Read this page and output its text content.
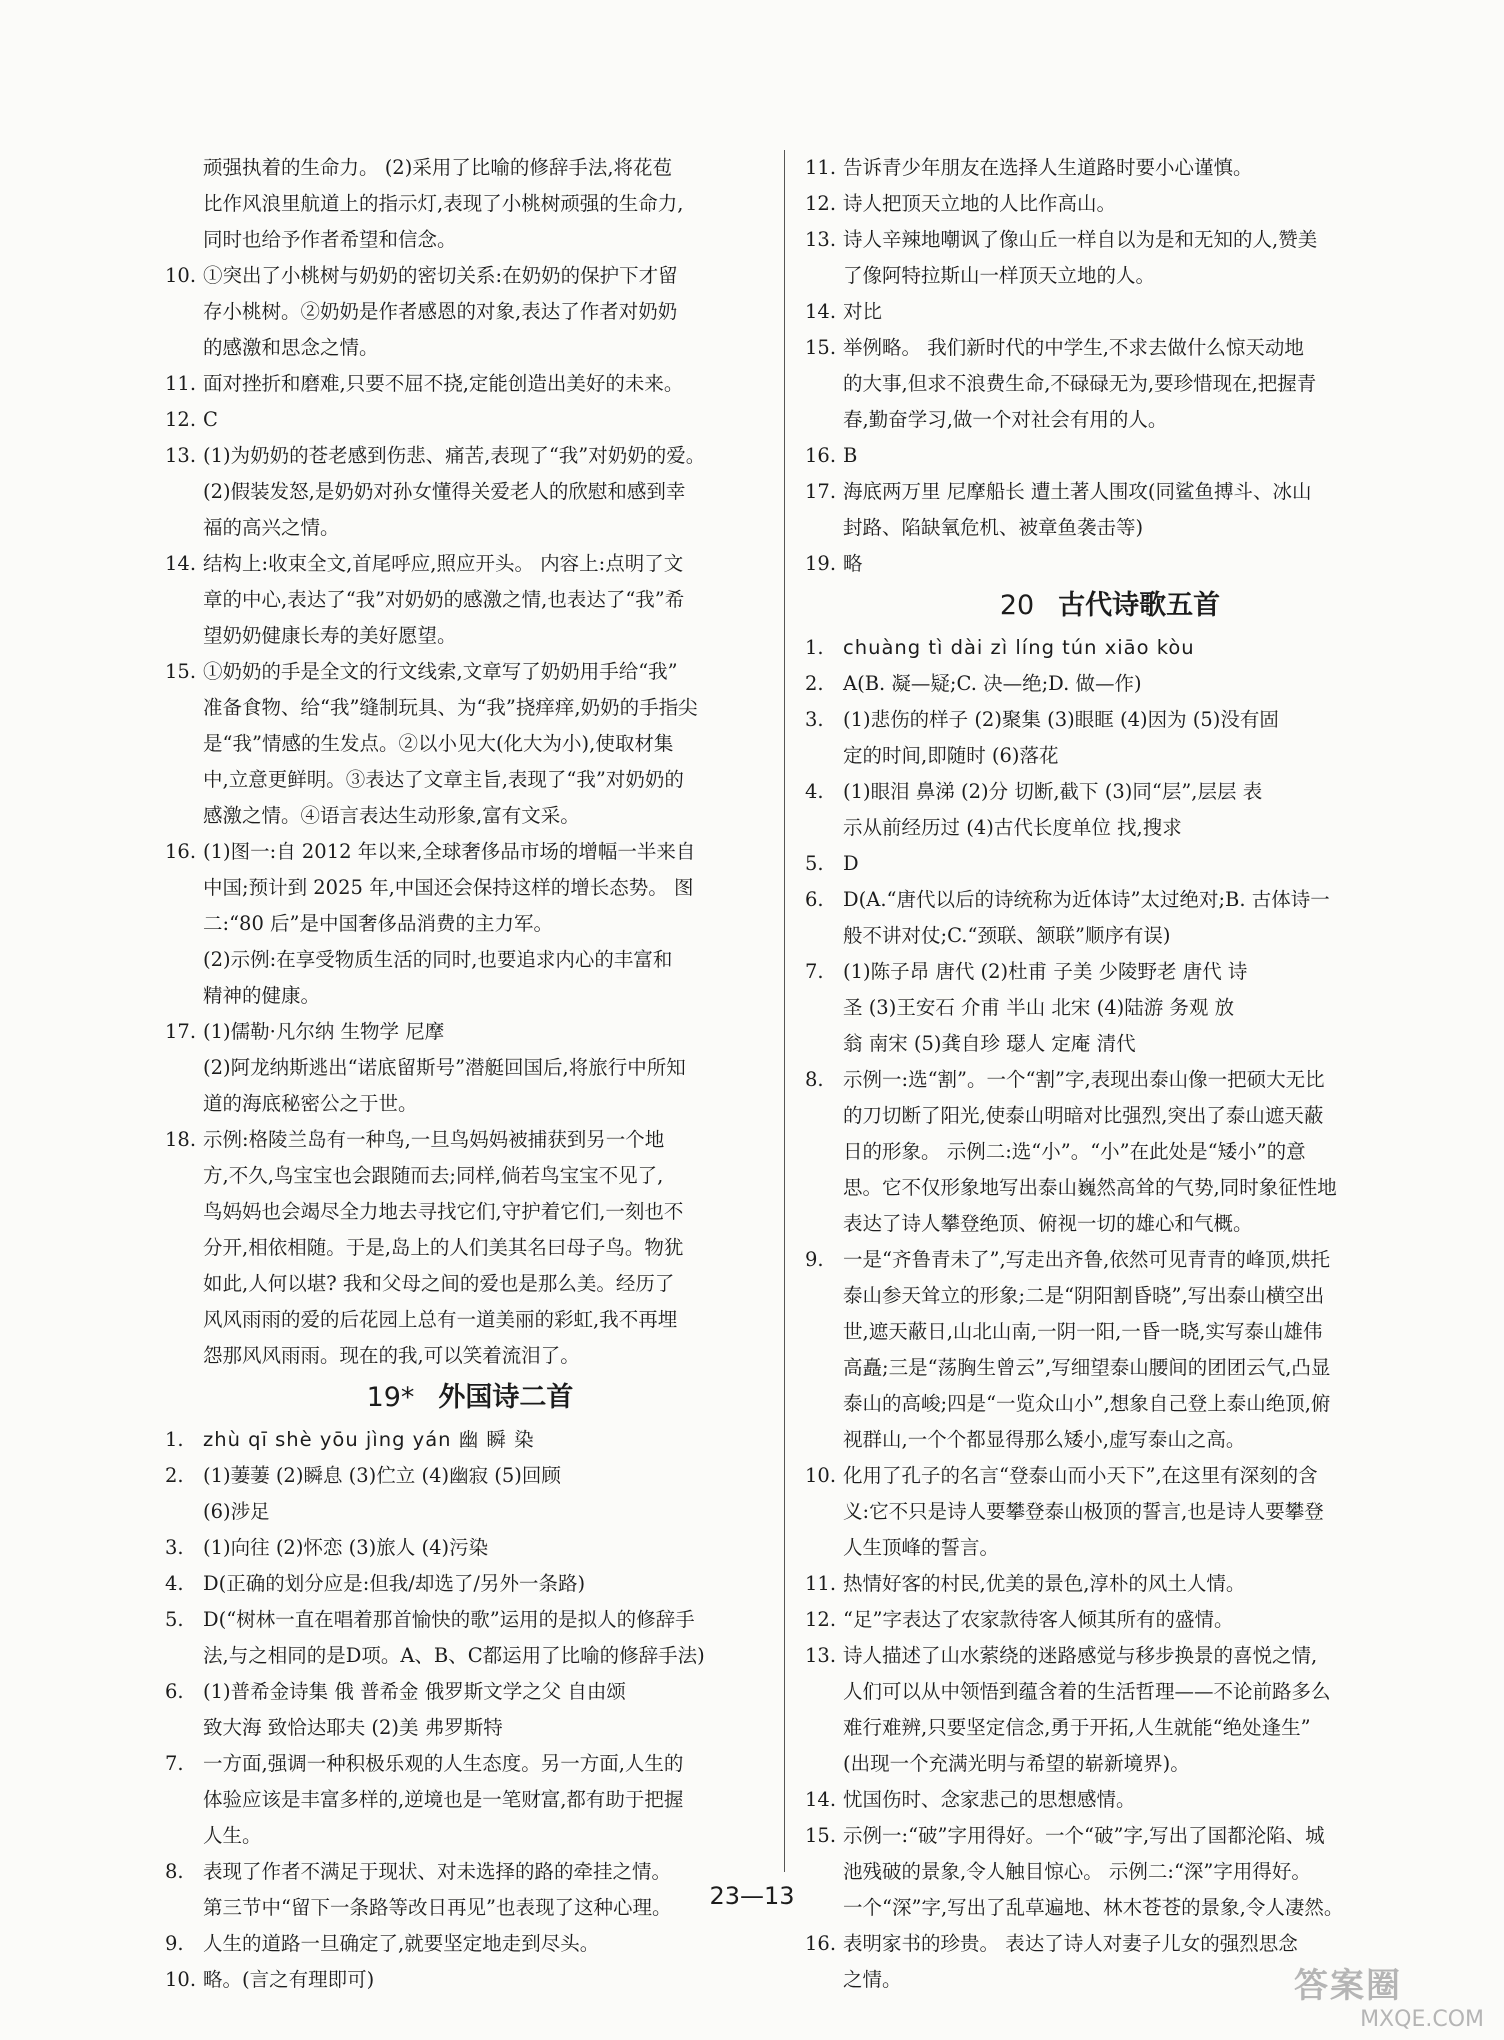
顽强执着的生命力。 (2)采用了比喻的修辞手法,将花苞
比作风浪里航道上的指示灯,表现了小桃树顽强的生命力,
同时也给予作者希望和信念。
10. ①突出了小桃树与奶奶的密切关系:在奶奶的保护下才留
存小桃树。②奶奶是作者感恩的对象,表达了作者对奶奶
的感激和思念之情。
11. 面对挫折和磨难,只要不屈不挠,定能创造出美好的未来。
12. C
13. (1)为奶奶的苍老感到伤悲、痛苦,表现了“我”对奶奶的爱。
(2)假装发怒,是奶奶对孙女懂得关爱老人的欣慰和感到幸
福的高兴之情。
14. 结构上:收束全文,首尾呼应,照应开头。 内容上:点明了文
章的中心,表达了“我”对奶奶的感激之情,也表达了“我”希
望奶奶健康长寿的美好愿望。
15. ①奶奶的手是全文的行文线索,文章写了奶奶用手给“我”
准备食物、给“我”缝制玩具、为“我”挠痒痒,奶奶的手指尖
是“我”情感的生发点。②以小见大(化大为小),使取材集
中,立意更鲜明。③表达了文章主旨,表现了“我”对奶奶的
感激之情。④语言表达生动形象,富有文采。
16. (1)图一:自 2012 年以来,全球奢侈品市场的增幅一半来自
中国;预计到 2025 年,中国还会保持这样的增长态势。 图
二:“80 后”是中国奢侈品消费的主力军。
(2)示例:在享受物质生活的同时,也要追求内心的丰富和
精神的健康。
17. (1)儒勒·凡尔纳 生物学 尼摩
(2)阿龙纳斯逃出“诺底留斯号”潜艇回国后,将旅行中所知
道的海底秘密公之于世。
18. 示例:格陵兰岛有一种鸟,一旦鸟妈妈被捕获到另一个地
方,不久,鸟宝宝也会跟随而去;同样,倘若鸟宝宝不见了,
鸟妈妈也会竭尽全力地去寻找它们,守护着它们,一刻也不
分开,相依相随。于是,岛上的人们美其名曰母子鸟。物犹
如此,人何以堪? 我和父母之间的爱也是那么美。经历了
风风雨雨的爱的后花园上总有一道美丽的彩虹,我不再埋
怨那风风雨雨。现在的我,可以笑着流泪了。
19* 外国诗二首
1. zhù qī shè yōu jìng yán 幽 瞬 染
2. (1)萋萋 (2)瞬息 (3)伫立 (4)幽寂 (5)回顾
(6)涉足
3. (1)向往 (2)怀恋 (3)旅人 (4)污染
4. D(正确的划分应是:但我/却选了/另外一条路)
5. D(“树林一直在唱着那首愉快的歌”运用的是拟人的修辞手
法,与之相同的是D项。A、B、C都运用了比喻的修辞手法)
6. (1)普希金诗集 俄 普希金 俄罗斯文学之父 自由颂
致大海 致恰达耶夫 (2)美 弗罗斯特
7. 一方面,强调一种积极乐观的人生态度。另一方面,人生的
体验应该是丰富多样的,逆境也是一笔财富,都有助于把握
人生。
8. 表现了作者不满足于现状、对未选择的路的牵挂之情。
第三节中“留下一条路等改日再见”也表现了这种心理。
9. 人生的道路一旦确定了,就要坚定地走到尽头。
10. 略。(言之有理即可)
11. 告诉青少年朋友在选择人生道路时要小心谨慎。
12. 诗人把顶天立地的人比作高山。
13. 诗人辛辣地嘲讽了像山丘一样自以为是和无知的人,赞美
了像阿特拉斯山一样顶天立地的人。
14. 对比
15. 举例略。 我们新时代的中学生,不求去做什么惊天动地
的大事,但求不浪费生命,不碌碌无为,要珍惜现在,把握青
春,勤奋学习,做一个对社会有用的人。
16. B
17. 海底两万里 尼摩船长 遭土著人围攻(同鲨鱼搏斗、冰山
封路、陷缺氧危机、被章鱼袭击等)
19. 略
20 古代诗歌五首
1. chuàng tì dài zì líng tún xiāo kòu
2. A(B. 凝—疑;C. 决—绝;D. 做—作)
3. (1)悲伤的样子 (2)聚集 (3)眼眶 (4)因为 (5)没有固
定的时间,即随时 (6)落花
4. (1)眼泪 鼻涕 (2)分 切断,截下 (3)同“层”,层层 表
示从前经历过 (4)古代长度单位 找,搜求
5. D
6. D(A.“唐代以后的诗统称为近体诗”太过绝对;B. 古体诗一
般不讲对仗;C.“颈联、颔联”顺序有误)
7. (1)陈子昂 唐代 (2)杜甫 子美 少陵野老 唐代 诗
圣 (3)王安石 介甫 半山 北宋 (4)陆游 务观 放
翁 南宋 (5)龚自珍 璱人 定庵 清代
8. 示例一:选“割”。一个“割”字,表现出泰山像一把硕大无比
的刀切断了阳光,使泰山明暗对比强烈,突出了泰山遮天蔽
日的形象。 示例二:选“小”。“小”在此处是“矮小”的意
思。它不仅形象地写出泰山巍然高耸的气势,同时象征性地
表达了诗人攀登绝顶、俯视一切的雄心和气概。
9. 一是“齐鲁青未了”,写走出齐鲁,依然可见青青的峰顶,烘托
泰山参天耸立的形象;二是“阴阳割昏晓”,写出泰山横空出
世,遮天蔽日,山北山南,一阴一阳,一昏一晓,实写泰山雄伟
高矗;三是“荡胸生曾云”,写细望泰山腰间的团团云气,凸显
泰山的高峻;四是“一览众山小”,想象自己登上泰山绝顶,俯
视群山,一个个都显得那么矮小,虚写泰山之高。
10. 化用了孔子的名言“登泰山而小天下”,在这里有深刻的含
义:它不只是诗人要攀登泰山极顶的誓言,也是诗人要攀登
人生顶峰的誓言。
11. 热情好客的村民,优美的景色,淳朴的风土人情。
12. “足”字表达了农家款待客人倾其所有的盛情。
13. 诗人描述了山水萦绕的迷路感觉与移步换景的喜悦之情,
人们可以从中领悟到蕴含着的生活哲理——不论前路多么
难行难辨,只要坚定信念,勇于开拓,人生就能“绝处逢生”
(出现一个充满光明与希望的崭新境界)。
14. 忧国伤时、念家悲己的思想感情。
15. 示例一:“破”字用得好。一个“破”字,写出了国都沦陷、城
池残破的景象,令人触目惊心。 示例二:“深”字用得好。
一个“深”字,写出了乱草遍地、林木苍苍的景象,令人凄然。
16. 表明家书的珍贵。 表达了诗人对妻子儿女的强烈思念
之情。
23—13
答案圈
MXQE.COM
